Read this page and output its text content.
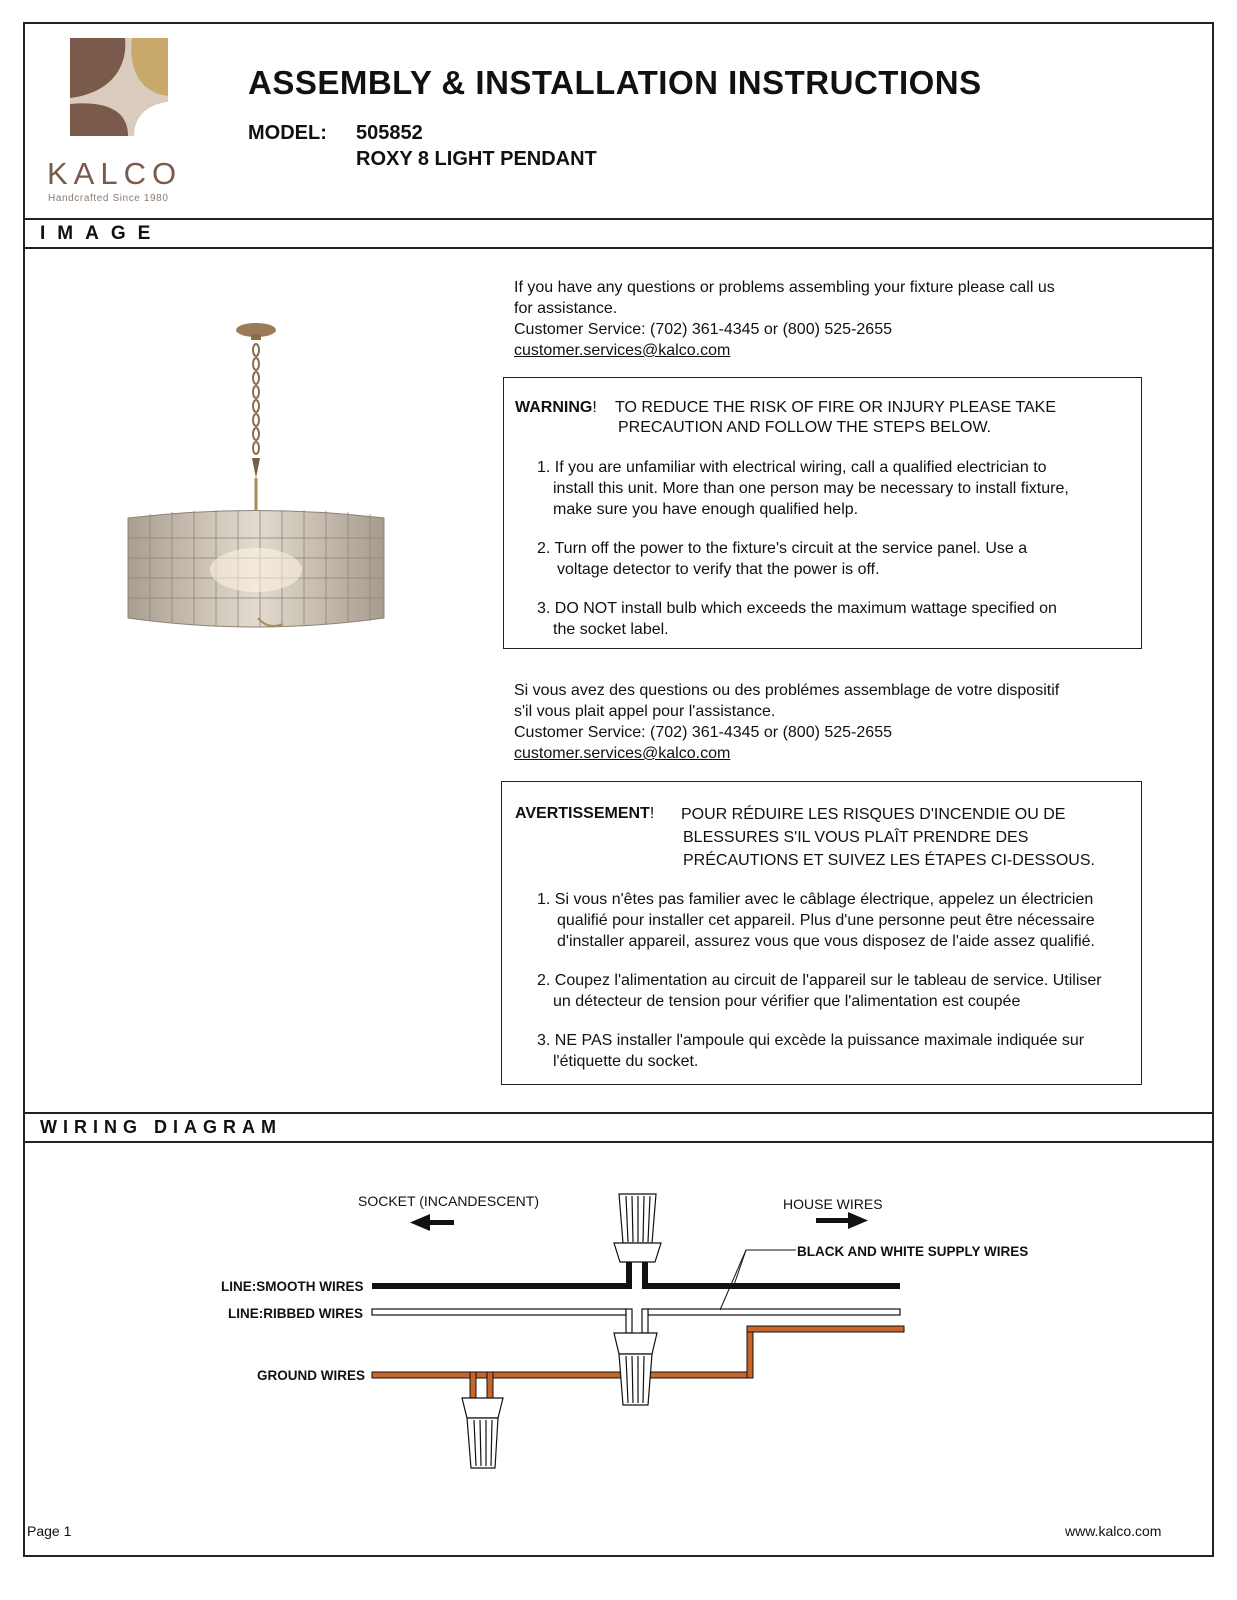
KALCO
Handcrafted Since 1980
ASSEMBLY & INSTALLATION INSTRUCTIONS
MODEL: 505852
ROXY 8 LIGHT PENDANT
IMAGE
If you have any questions or problems assembling your fixture please call us
for assistance.
Customer Service: (702) 361-4345 or (800) 525-2655
customer.services@kalco.com
WARNING! TO REDUCE THE RISK OF FIRE OR INJURY PLEASE TAKE
PRECAUTION AND FOLLOW THE STEPS BELOW.
1. If you are unfamiliar with electrical wiring, call a qualified electrician to
install this unit. More than one person may be necessary to install fixture,
make sure you have enough qualified help.
2. Turn off the power to the fixture's circuit at the service panel. Use a
voltage detector to verify that the power is off.
3. DO NOT install bulb which exceeds the maximum wattage specified on
the socket label.
Si vous avez des questions ou des problémes assemblage de votre dispositif
s'il vous plait appel pour l'assistance.
Customer Service: (702) 361-4345 or (800) 525-2655
customer.services@kalco.com
AVERTISSEMENT! POUR RÉDUIRE LES RISQUES D'INCENDIE OU DE
BLESSURES S'IL VOUS PLAÎT PRENDRE DES
PRÉCAUTIONS ET SUIVEZ LES ÉTAPES CI-DESSOUS.
1. Si vous n'êtes pas familier avec le câblage électrique, appelez un électricien
qualifié pour installer cet appareil. Plus d'une personne peut être nécessaire
d'installer appareil, assurez vous que vous disposez de l'aide assez qualifié.
2. Coupez l'alimentation au circuit de l'appareil sur le tableau de service. Utiliser
un détecteur de tension pour vérifier que l'alimentation est coupée
3. NE PAS installer l'ampoule qui excède la puissance maximale indiquée sur
l'étiquette du socket.
WIRING DIAGRAM
SOCKET (INCANDESCENT)	HOUSE WIRES
BLACK AND WHITE SUPPLY WIRES
LINE:SMOOTH WIRES
LINE:RIBBED WIRES
GROUND WIRES
Page 1	www.kalco.com
